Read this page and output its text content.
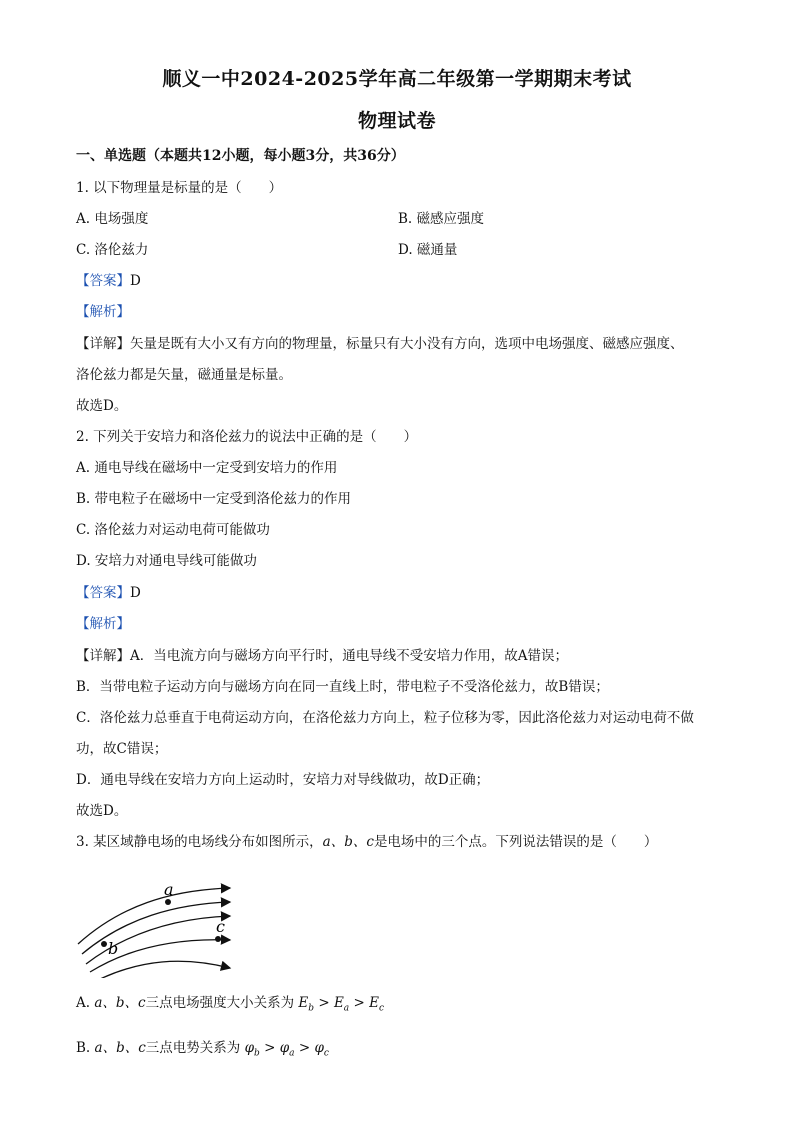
顺义一中2024-2025学年高二年级第一学期期末考试
物理试卷
一、单选题（本题共12小题，每小题3分，共36分）
1. 以下物理量是标量的是（　　）
A. 电场强度	B. 磁感应强度
C. 洛伦兹力	D. 磁通量
【答案】D
【解析】
【详解】矢量是既有大小又有方向的物理量，标量只有大小没有方向，选项中电场强度、磁感应强度、
洛伦兹力都是矢量，磁通量是标量。
故选D。
2. 下列关于安培力和洛伦兹力的说法中正确的是（　　）
A. 通电导线在磁场中一定受到安培力的作用
B. 带电粒子在磁场中一定受到洛伦兹力的作用
C. 洛伦兹力对运动电荷可能做功
D. 安培力对通电导线可能做功
【答案】D
【解析】
【详解】A．当电流方向与磁场方向平行时，通电导线不受安培力作用，故A错误；
B．当带电粒子运动方向与磁场方向在同一直线上时，带电粒子不受洛伦兹力，故B错误；
C．洛伦兹力总垂直于电荷运动方向，在洛伦兹力方向上，粒子位移为零，因此洛伦兹力对运动电荷不做
功，故C错误；
D．通电导线在安培力方向上运动时，安培力对导线做功，故D正确；
故选D。
3. 某区域静电场的电场线分布如图所示，a、b、c是电场中的三个点。下列说法错误的是（　　）
a
b
c
A. a、b、c三点电场强度大小关系为 $E_b > E_a > E_c$
B. a、b、c三点电势关系为 $\varphi_b > \varphi_a > \varphi_c$
